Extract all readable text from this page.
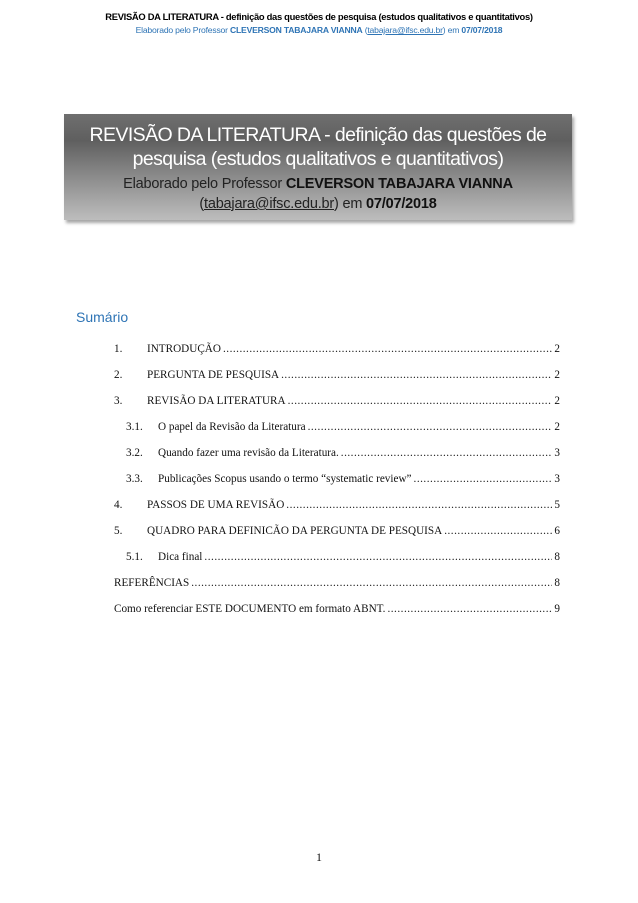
REVISÃO DA LITERATURA - definição das questões de pesquisa (estudos qualitativos e quantitativos)
Elaborado pelo Professor CLEVERSON TABAJARA VIANNA (tabajara@ifsc.edu.br) em 07/07/2018
REVISÃO DA LITERATURA - definição das questões de pesquisa (estudos qualitativos e quantitativos)
Elaborado pelo Professor CLEVERSON TABAJARA VIANNA
(tabajara@ifsc.edu.br) em 07/07/2018
Sumário
1.	INTRODUÇÃO .....	2
2.	PERGUNTA DE PESQUISA .....	2
3.	REVISÃO DA LITERATURA .....	2
3.1.	O papel da Revisão da Literatura .....	2
3.2.	Quando fazer uma revisão da Literatura. .....	3
3.3.	Publicações Scopus usando o termo “systematic review” .....	3
4.	PASSOS DE UMA REVISÃO .....	5
5.	QUADRO PARA DEFINICÃO DA PERGUNTA DE PESQUISA .....	6
5.1.	Dica final .....	8
REFERÊNCIAS .....	8
Como referenciar ESTE DOCUMENTO em formato ABNT. .....	9
1
